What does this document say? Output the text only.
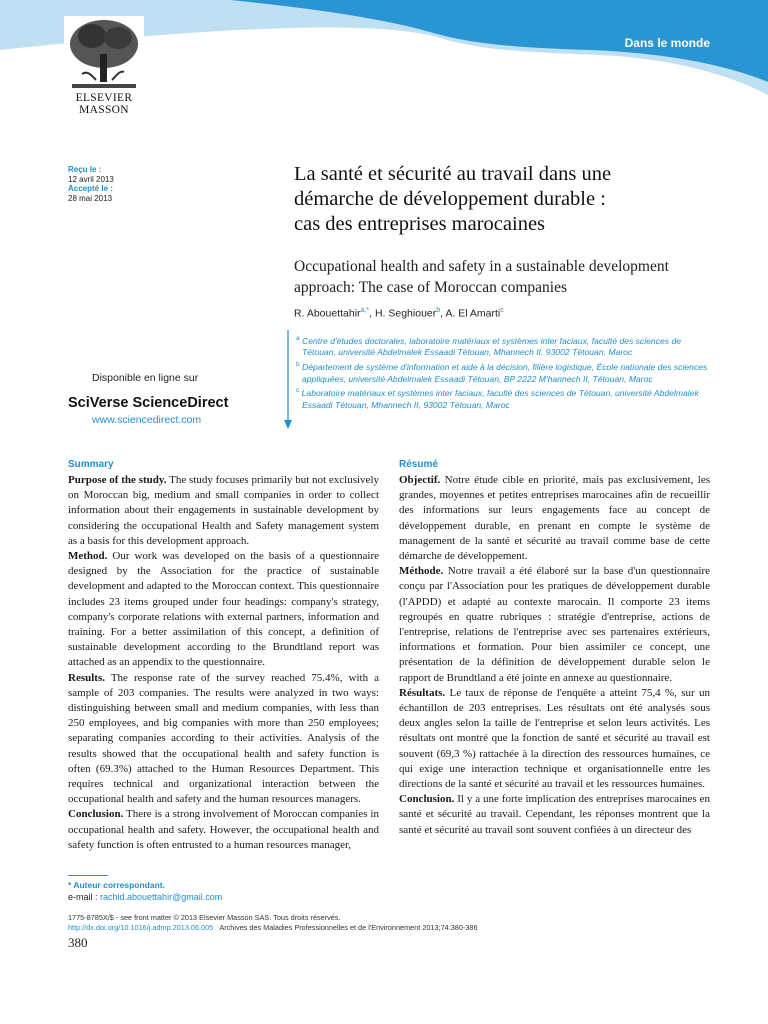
Dans le monde
ELSEVIER
MASSON
Reçu le :
12 avril 2013
Accepté le :
28 mai 2013
La santé et sécurité au travail dans une
démarche de développement durable :
cas des entreprises marocaines
Occupational health and safety in a sustainable development
approach: The case of Moroccan companies
R. Abouettahir$^{a,*}$, H. Seghiouer$^b$, A. El Amarti$^c$

$^a$ Centre d'études doctorales, laboratoire matériaux et systèmes inter faciaux, faculté des sciences de Tétouan, université Abdelmalek Essaadi Tétouan, Mhannech II, 93002 Tétouan, Maroc

$^b$ Département de système d'information et aide à la décision, filière logistique, École nationale des sciences appliquées, université Abdelmalek Essaadi Tétouan, BP 2222 M'hannech II, Tétouan, Maroc

$^c$ Laboratoire matériaux et systèmes inter faciaux, faculté des sciences de Tétouan, université Abdelmalek Essaadi Tétouan, Mhannech II, 93002 Tétouan, Maroc

Disponible en ligne sur
SciVerse ScienceDirect
www.sciencedirect.com
Summary

Purpose of the study. The study focuses primarily but not exclusively on Moroccan big, medium and small companies in order to collect information about their engagements in sustainable development by considering the occupational Health and Safety management system as a basis for this development approach.

Method. Our work was developed on the basis of a questionnaire designed by the Association for the practice of sustainable development and adapted to the Moroccan context. This questionnaire includes 23 items grouped under four headings: company's strategy, company's corporate relations with external partners, information and training. For a better assimilation of this concept, a definition of sustainable development according to the Brundtland report was attached as an appendix to the questionnaire.

Results. The response rate of the survey reached 75.4%, with a sample of 203 companies. The results were analyzed in two ways: distinguishing between small and medium companies, with less than 250 employees, and big companies with more than 250 employees; separating companies according to their activities. Analysis of the results showed that the occupational health and safety function is often (69.3%) attached to the Human Resources Department. This requires technical and organizational interaction between the occupational health and safety and the human resources managers.

Conclusion. There is a strong involvement of Moroccan companies in occupational health and safety. However, the occupational health and safety function is often entrusted to a human resources manager,

Résumé

Objectif. Notre étude cible en priorité, mais pas exclusivement, les grandes, moyennes et petites entreprises marocaines afin de recueillir des informations sur leurs engagements face au concept de développement durable, en prenant en compte le système de management de la santé et sécurité au travail comme base de cette démarche de développement.

Méthode. Notre travail a été élaboré sur la base d'un questionnaire conçu par l'Association pour les pratiques de développement durable (l'APDD) et adapté au contexte marocain. Il comporte 23 items regroupés en quatre rubriques : stratégie d'entreprise, actions de l'entreprise, relations de l'entreprise avec ses partenaires extérieurs, informations et formation. Pour bien assimiler ce concept, une présentation de la définition de développement durable selon le rapport de Brundtland a été jointe en annexe au questionnaire.

Résultats. Le taux de réponse de l'enquête a atteint 75,4 %, sur un échantillon de 203 entreprises. Les résultats ont été analysés sous deux angles selon la taille de l'entreprise et selon leurs activités. Les résultats ont montré que la fonction de santé et sécurité au travail est souvent (69,3 %) rattachée à la direction des ressources humaines, ce qui exige une interaction technique et organisationnelle entre les directions de la santé et sécurité au travail et les ressources humaines.

Conclusion. Il y a une forte implication des entreprises marocaines en santé et sécurité au travail. Cependant, les réponses montrent que la santé et sécurité au travail sont souvent confiées à un directeur des

* Auteur correspondant.
e-mail : rachid.abouettahir@gmail.com
1775-8785X/$ - see front matter © 2013 Elsevier Masson SAS. Tous droits réservés.
http://dx.doi.org/10.1016/j.admp.2013.06.005 Archives des Maladies Professionnelles et de l'Environnement 2013;74:380-386
380
